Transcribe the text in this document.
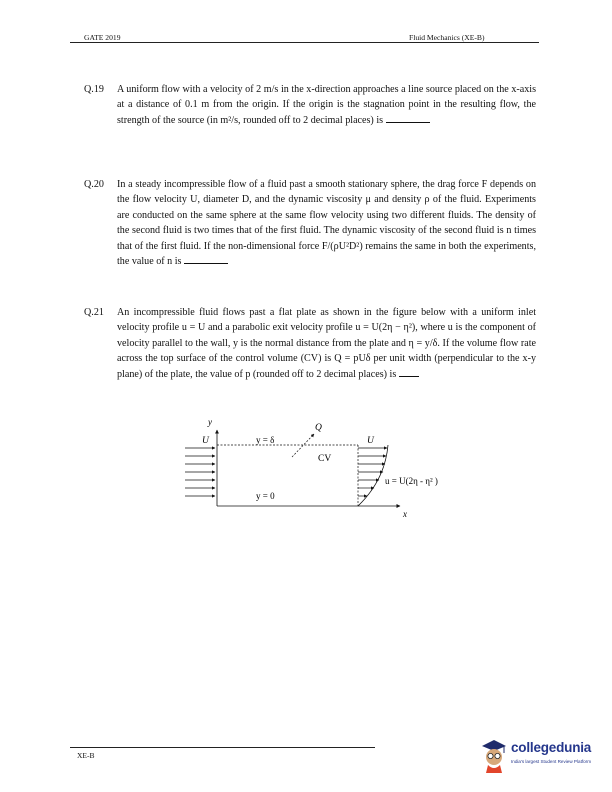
GATE 2019	Fluid Mechanics (XE-B)
Q.19 A uniform flow with a velocity of 2 m/s in the x-direction approaches a line source placed on the x-axis at a distance of 0.1 m from the origin. If the origin is the stagnation point in the resulting flow, the strength of the source (in m²/s, rounded off to 2 decimal places) is
Q.20 In a steady incompressible flow of a fluid past a smooth stationary sphere, the drag force F depends on the flow velocity U, diameter D, and the dynamic viscosity μ and density ρ of the fluid. Experiments are conducted on the same sphere at the same flow velocity using two different fluids. The density of the second fluid is two times that of the first fluid. The dynamic viscosity of the second fluid is n times that of the first fluid. If the non-dimensional force F/(ρU²D²) remains the same in both the experiments, the value of n is
Q.21 An incompressible fluid flows past a flat plate as shown in the figure below with a uniform inlet velocity profile u = U and a parabolic exit velocity profile u = U(2η − η²), where u is the component of velocity parallel to the wall, y is the normal distance from the plate and η = y/δ. If the volume flow rate across the top surface of the control volume (CV) is Q = pUδ per unit width (perpendicular to the x-y plane) of the plate, the value of p (rounded off to 2 decimal places) is
y
x
U	U
y = δ
y = 0
Q
CV
u = U(2η - η² )
XE-B
collegedunia
India's largest Student Review Platform
